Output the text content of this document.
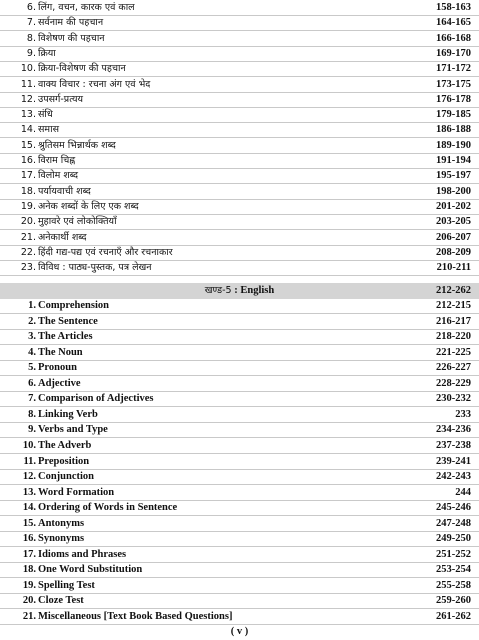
6. लिंग, वचन, कारक एवं काल	158-163
7. सर्वनाम की पहचान	164-165
8. विशेषण की पहचान	166-168
9. क्रिया	169-170
10. क्रिया-विशेषण की पहचान	171-172
11. वाक्य विचार : रचना अंग एवं भेद	173-175
12. उपसर्ग-प्रत्यय	176-178
13. संधि	179-185
14. समास	186-188
15. श्रुतिसम भिन्नार्थक शब्द	189-190
16. विराम चिह्न	191-194
17. विलोम शब्द	195-197
18. पर्यायवाची शब्द	198-200
19. अनेक शब्दों के लिए एक शब्द	201-202
20. मुहावरे एवं लोकोक्तियाँ	203-205
21. अनेकार्थी शब्द	206-207
22. हिंदी गद्य-पद्य एवं रचनाएँ और रचनाकार	208-209
23. विविध : पाठ्य-पुस्तक, पत्र लेखन	210-211
खण्ड-5 : English	212-262
1. Comprehension	212-215
2. The Sentence	216-217
3. The Articles	218-220
4. The Noun	221-225
5. Pronoun	226-227
6. Adjective	228-229
7. Comparison of Adjectives	230-232
8. Linking Verb	233
9. Verbs and Type	234-236
10. The Adverb	237-238
11. Preposition	239-241
12. Conjunction	242-243
13. Word Formation	244
14. Ordering of Words in Sentence	245-246
15. Antonyms	247-248
16. Synonyms	249-250
17. Idioms and Phrases	251-252
18. One Word Substitution	253-254
19. Spelling Test	255-258
20. Cloze Test	259-260
21. Miscellaneous [Text Book Based Questions]	261-262
( v )
